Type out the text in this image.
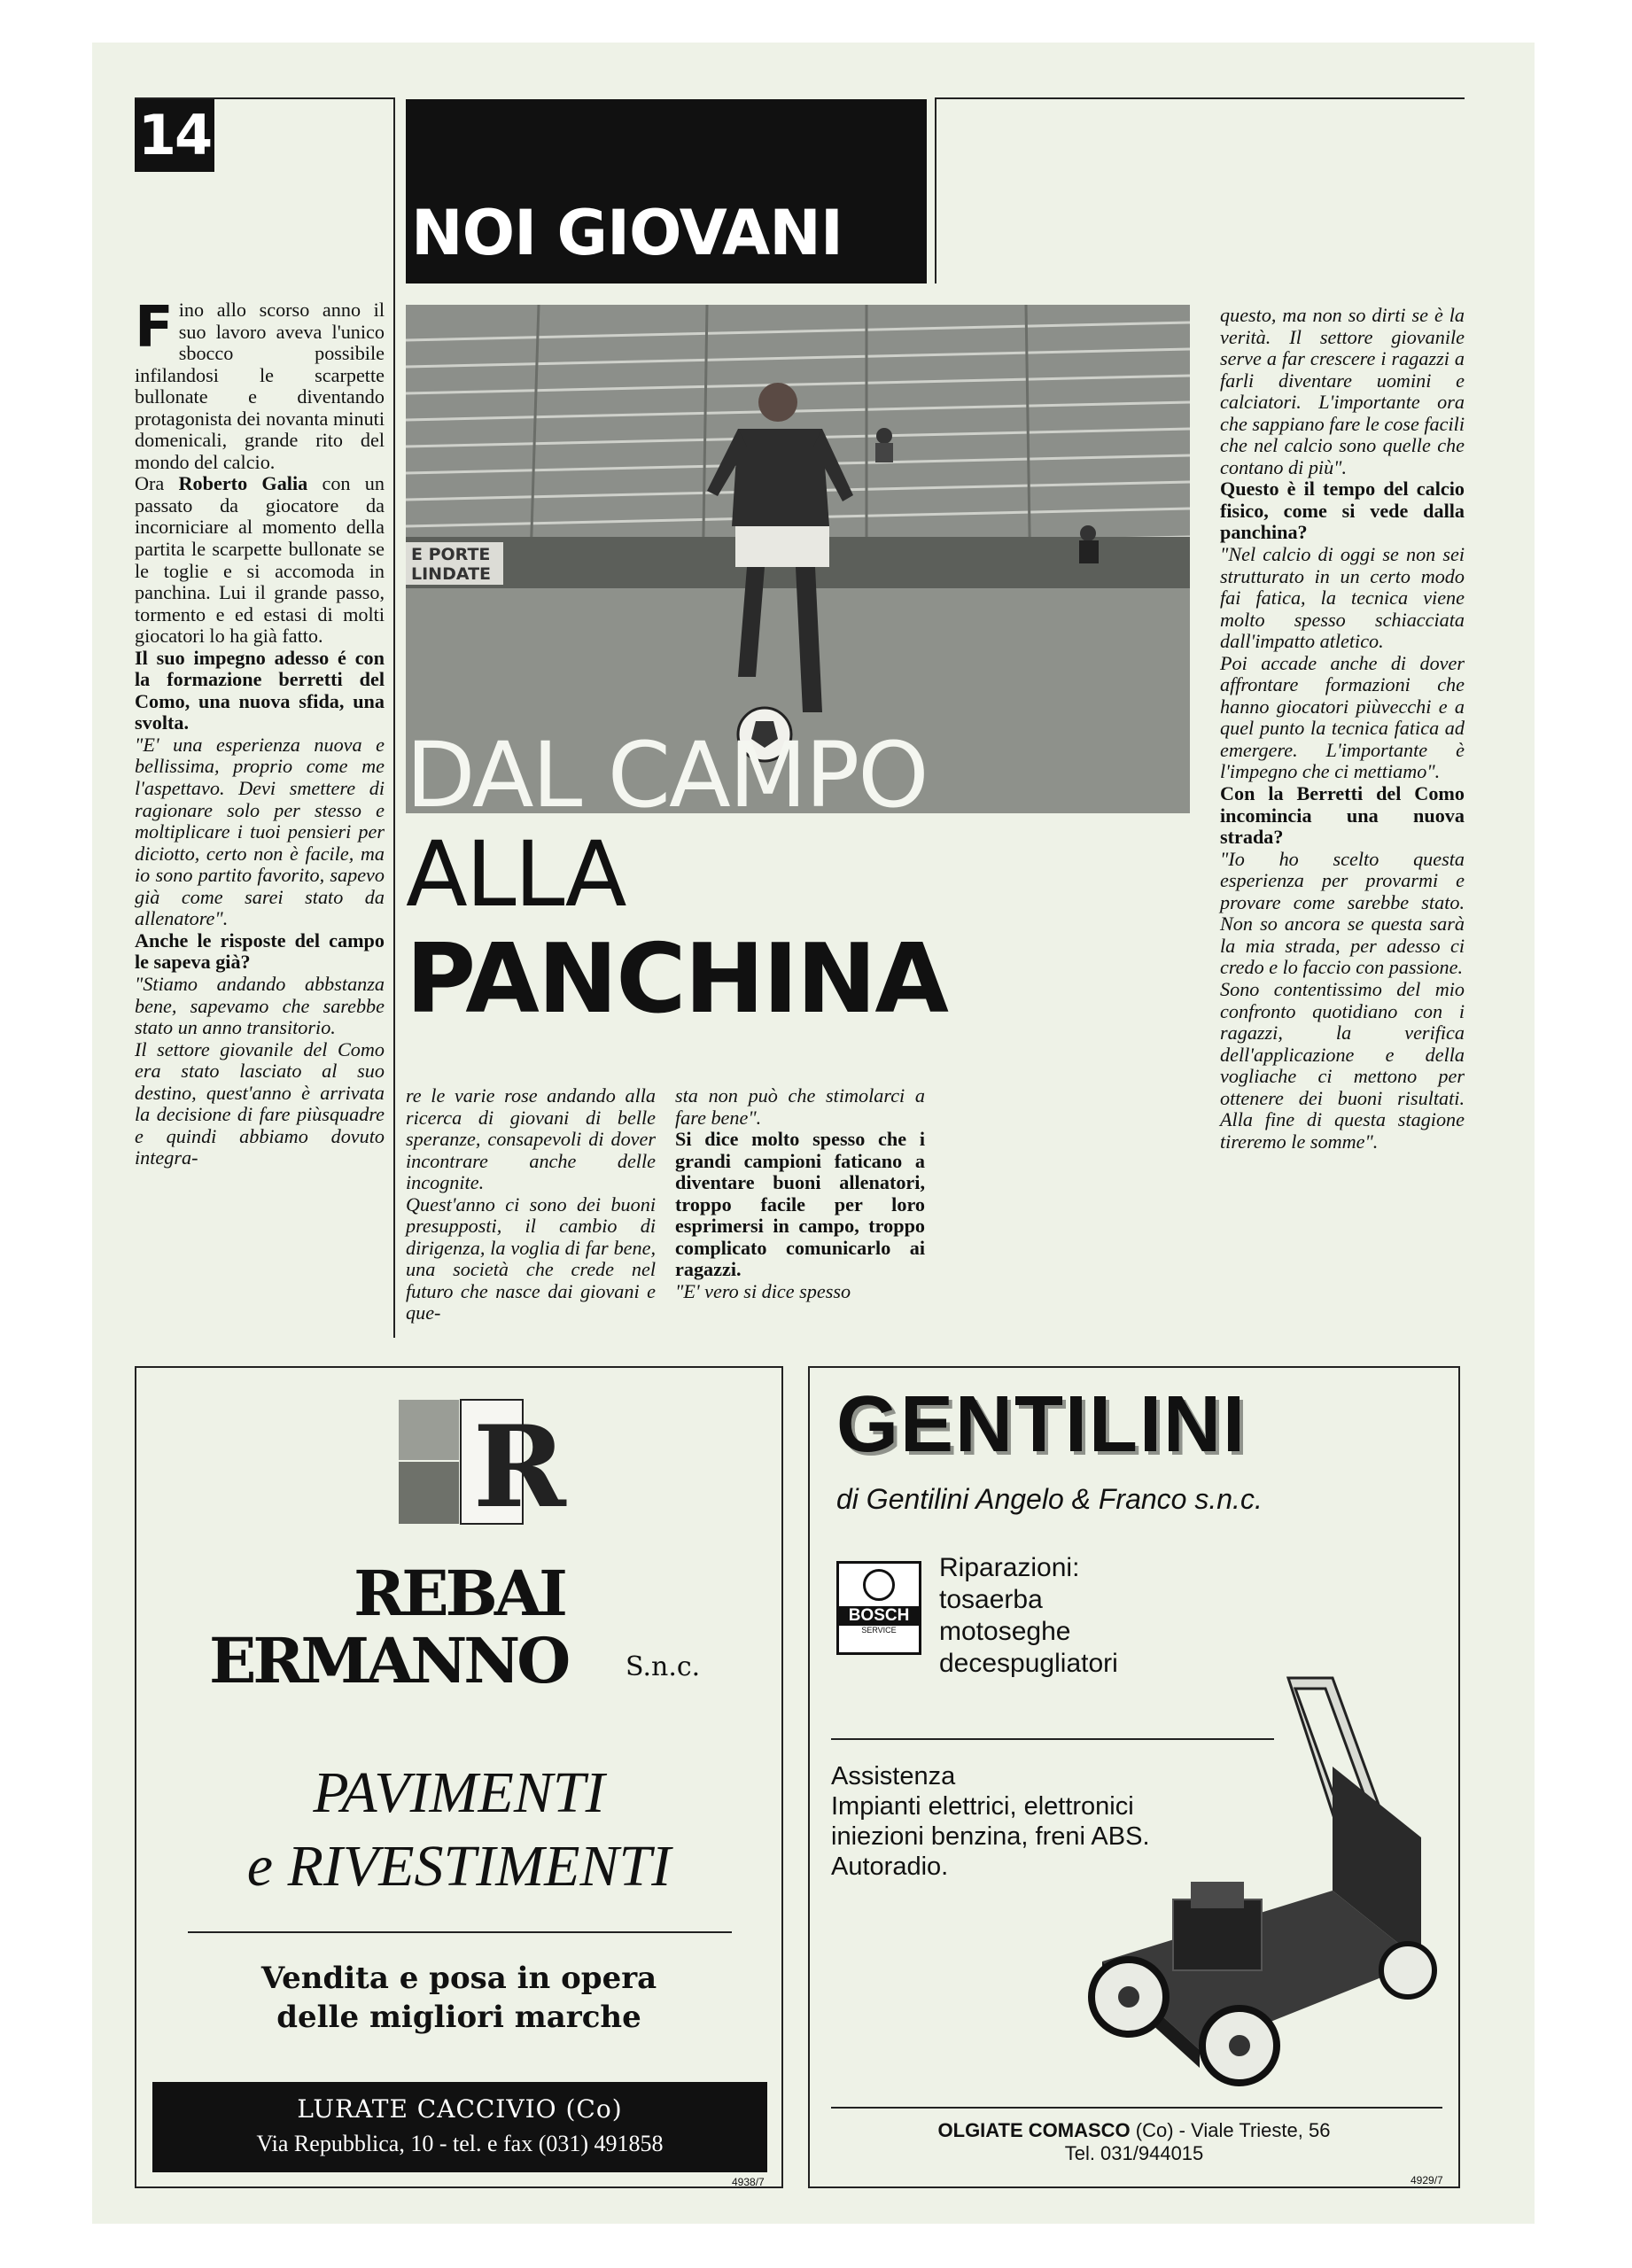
14
NOI GIOVANI
E PORTE
LINDATE
DAL CAMPO
ALLA
PANCHINA

Fino allo scorso anno il suo lavoro aveva l'unico sbocco possibile infilandosi le scarpette bullonate e diventando protagonista dei novanta minuti domenicali, grande rito del mondo del calcio.

Ora Roberto Galia con un passato da giocatore da incorniciare al momento della partita le scarpette bullonate se le toglie e si accomoda in panchina. Lui il grande passo, tormento e ed estasi di molti giocatori lo ha già fatto.

Il suo impegno adesso é con la formazione berretti del Como, una nuova sfida, una svolta.

"E' una esperienza nuova e bellissima, proprio come me l'aspettavo. Devi smettere di ragionare solo per stesso e moltiplicare i tuoi pensieri per diciotto, certo non è facile, ma io sono partito favorito, sapevo già come sarei stato da allenatore".

Anche le risposte del campo le sapeva già?

"Stiamo andando abbstanza bene, sapevamo che sarebbe stato un anno transitorio.

Il settore giovanile del Como era stato lasciato al suo destino, quest'anno è arrivata la decisione di fare piùsquadre e quindi abbiamo dovuto integra-

re le varie rose andando alla ricerca di giovani di belle speranze, consapevoli di dover incontrare anche delle incognite.

Quest'anno ci sono dei buoni presupposti, il cambio di dirigenza, la voglia di far bene, una società che crede nel futuro che nasce dai giovani e que-

sta non può che stimolarci a fare bene".

Si dice molto spesso che i grandi campioni faticano a diventare buoni allenatori, troppo facile per loro esprimersi in campo, troppo complicato comunicarlo ai ragazzi.

"E' vero si dice spesso

questo, ma non so dirti se è la verità. Il settore giovanile serve a far crescere i ragazzi a farli diventare uomini e calciatori. L'importante ora che sappiano fare le cose facili che nel calcio sono quelle che contano di più".

Questo è il tempo del calcio fisico, come si vede dalla panchina?

"Nel calcio di oggi se non sei strutturato in un certo modo fai fatica, la tecnica viene molto spesso schiacciata dall'impatto atletico.

Poi accade anche di dover affrontare formazioni che hanno giocatori piùvecchi e a quel punto la tecnica fatica ad emergere. L'importante è l'impegno che ci mettiamo".

Con la Berretti del Como incomincia una nuova strada?

"Io ho scelto questa esperienza per provarmi e provare come sarebbe stato. Non so ancora se questa sarà la mia strada, per adesso ci credo e lo faccio con passione.

Sono contentissimo del mio confronto quotidiano con i ragazzi, la verifica dell'applicazione e della vogliache ci mettono per ottenere dei buoni risultati. Alla fine di questa stagione tireremo le somme".

R
REBAI
ERMANNO S.n.c.
PAVIMENTI
e RIVESTIMENTI
Vendita e posa in opera
delle migliori marche
LURATE CACCIVIO (Co)
Via Repubblica, 10 - tel. e fax (031) 491858
4938/7
GENTILINI
di Gentilini Angelo & Franco s.n.c.
BOSCH
SERVICE
Riparazioni:
tosaerba
motoseghe
decespugliatori
Assistenza
Impianti elettrici, elettronici
iniezioni benzina, freni ABS.
Autoradio.
OLGIATE COMASCO (Co) - Viale Trieste, 56
Tel. 031/944015
4929/7
